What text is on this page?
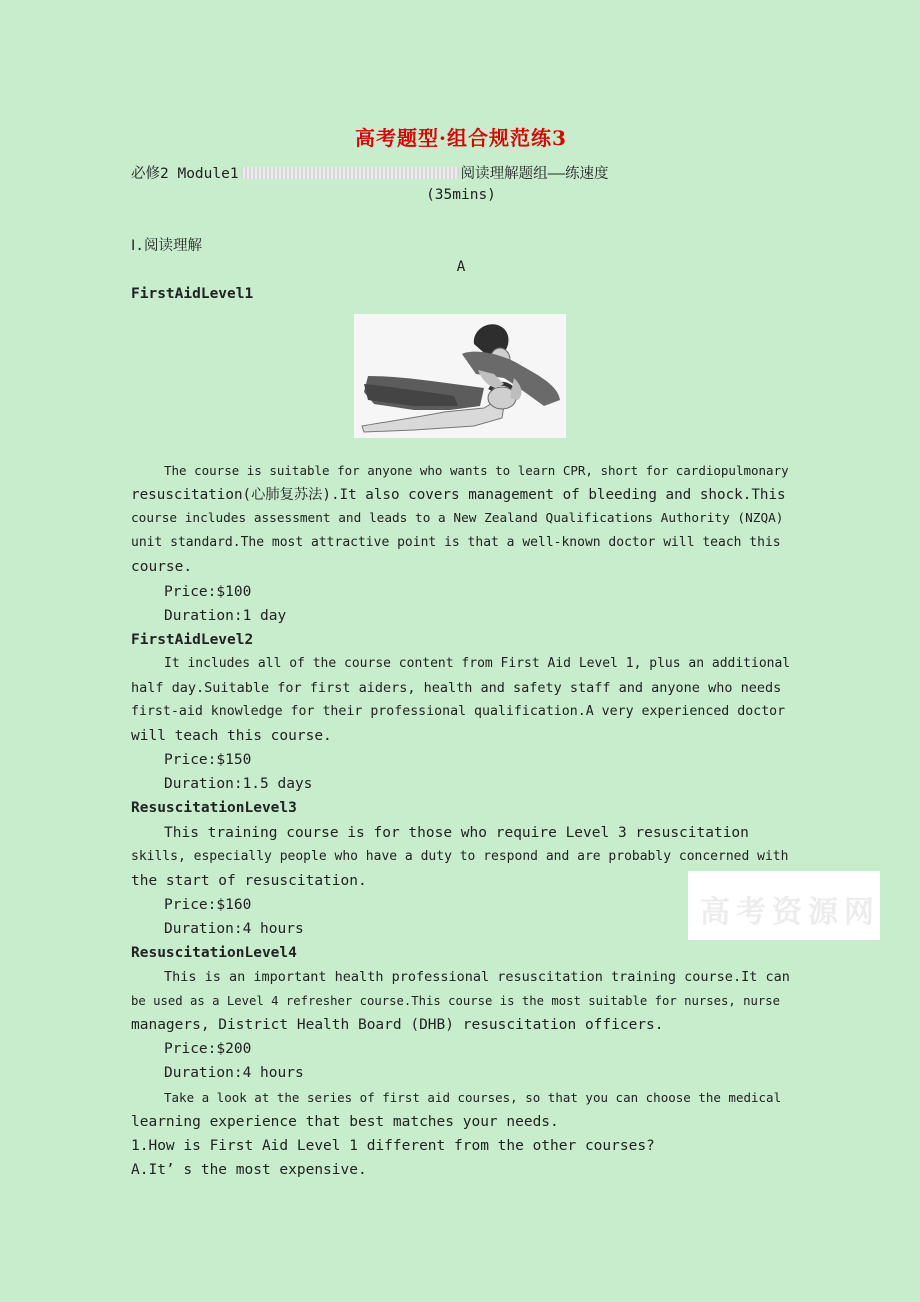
高考题型·组合规范练3
必修2 Module1	阅读理解题组——练速度
(35mins)
Ⅰ.阅读理解
A
FirstAidLevel1
The course is suitable for anyone who wants to learn CPR, short for cardiopulmonary
resuscitation(心肺复苏法).It also covers management of bleeding and shock.This
course includes assessment and leads to a New Zealand Qualifications Authority (NZQA)
unit standard.The most attractive point is that a well-known doctor will teach this
course.
Price:$100
Duration:1 day
FirstAidLevel2
It includes all of the course content from First Aid Level 1, plus an additional
half day.Suitable for first aiders, health and safety staff and anyone who needs
first-aid knowledge for their professional qualification.A very experienced doctor
will teach this course.
Price:$150
Duration:1.5 days
ResuscitationLevel3
This training course is for those who require Level 3 resuscitation
skills, especially people who have a duty to respond and are probably concerned with
the start of resuscitation.
Price:$160
Duration:4 hours
ResuscitationLevel4
This is an important health professional resuscitation training course.It can
be used as a Level 4 refresher course.This course is the most suitable for nurses, nurse
managers, District Health Board (DHB) resuscitation officers.
Price:$200
Duration:4 hours
Take a look at the series of first aid courses, so that you can choose the medical
learning experience that best matches your needs.
1.How is First Aid Level 1 different from the other courses?
A.It’ s the most expensive.
高考资源网
